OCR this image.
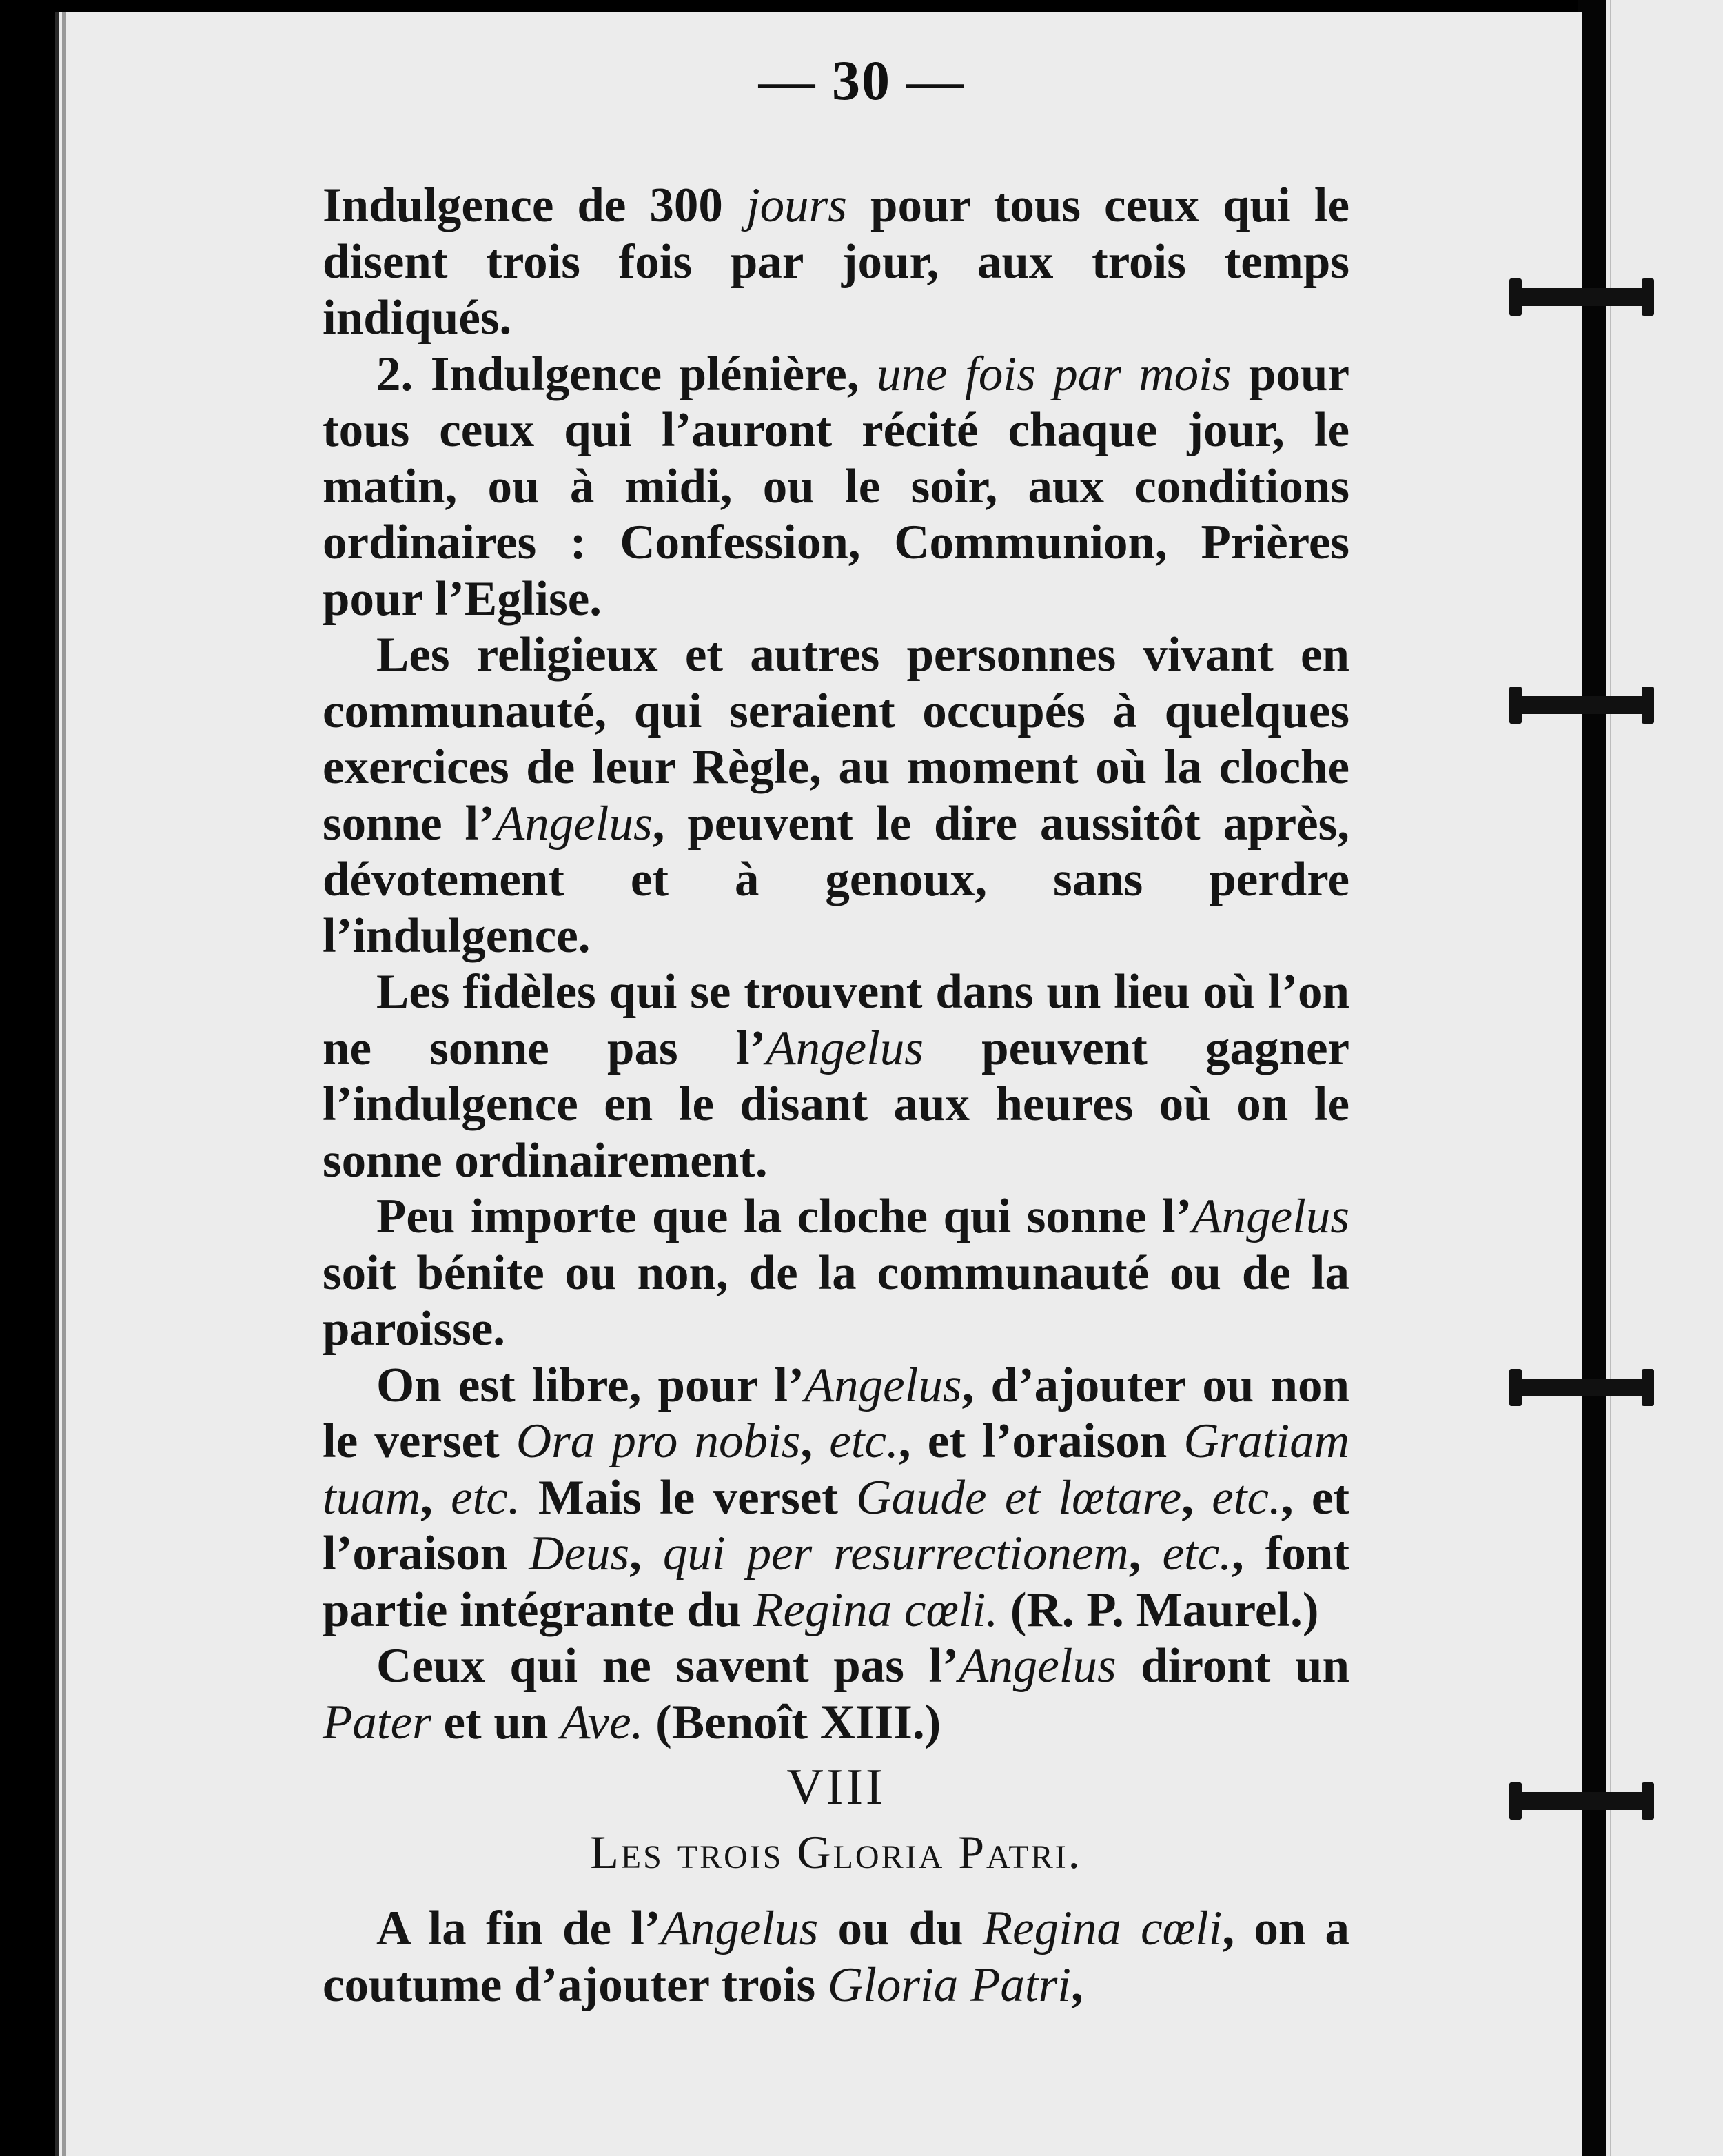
— 30 —

Indulgence de 300 jours pour tous ceux qui le disent trois fois par jour, aux trois temps indiqués.

2. Indulgence plénière, une fois par mois pour tous ceux qui l’auront récité chaque jour, le matin, ou à midi, ou le soir, aux conditions ordinaires : Confession, Communion, Prières pour l’Eglise.

Les religieux et autres personnes vivant en communauté, qui seraient occupés à quelques exercices de leur Règle, au moment où la cloche sonne l’Angelus, peuvent le dire aussitôt après, dévotement et à genoux, sans perdre l’indulgence.

Les fidèles qui se trouvent dans un lieu où l’on ne sonne pas l’Angelus peuvent gagner l’indulgence en le disant aux heures où on le sonne ordinairement.

Peu importe que la cloche qui sonne l’Angelus soit bénite ou non, de la communauté ou de la paroisse.

On est libre, pour l’Angelus, d’ajouter ou non le verset Ora pro nobis, etc., et l’oraison Gratiam tuam, etc. Mais le verset Gaude et lœtare, etc., et l’oraison Deus, qui per resurrectionem, etc., font partie intégrante du Regina cœli. (R. P. Maurel.)

Ceux qui ne savent pas l’Angelus diront un Pater et un Ave. (Benoît XIII.)

VIII
Les trois Gloria Patri.

A la fin de l’Angelus ou du Regina cœli, on a coutume d’ajouter trois Gloria Patri,
